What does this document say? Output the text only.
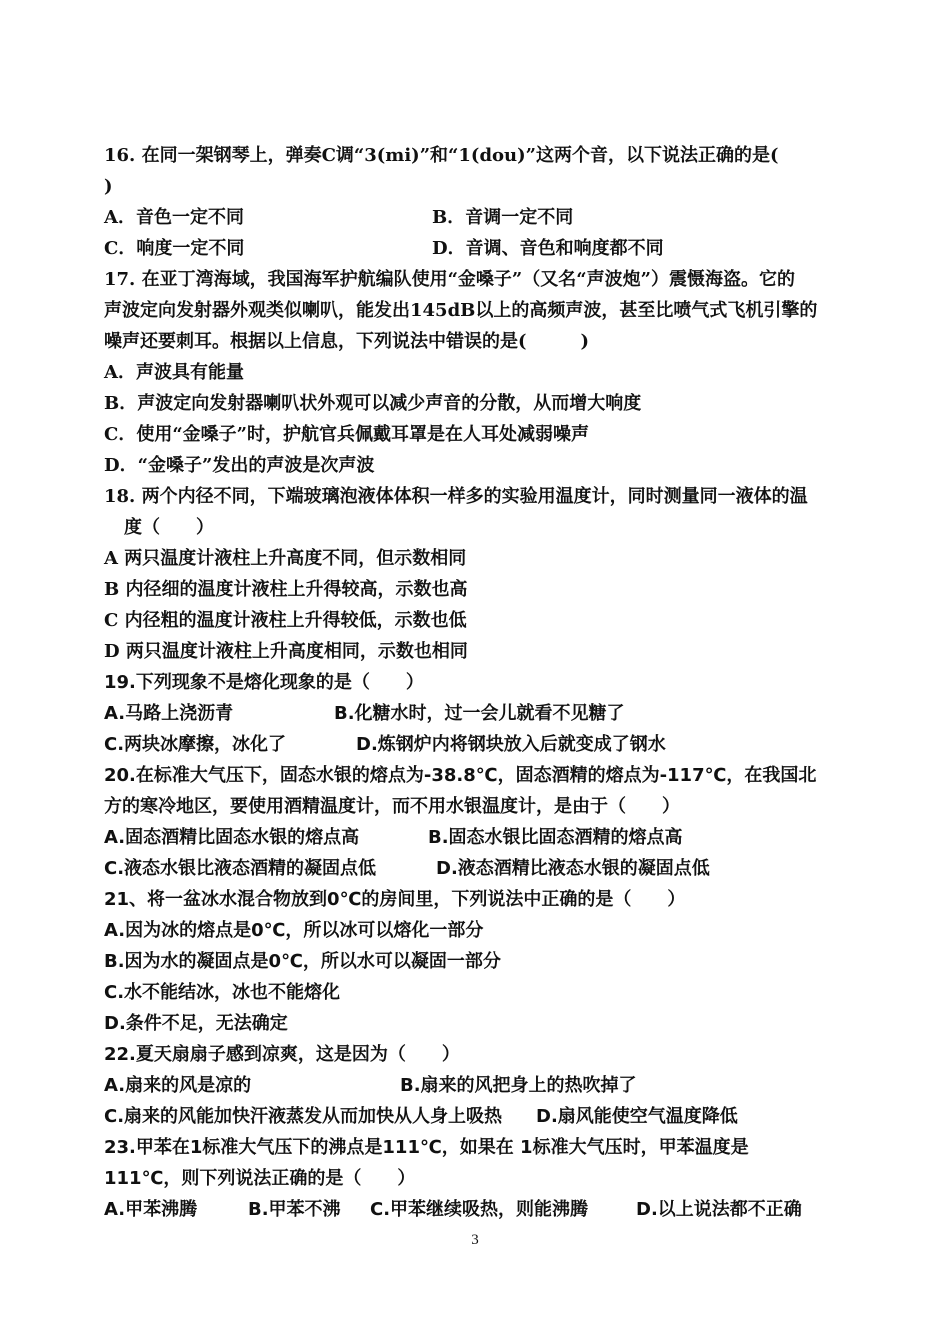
16. 在同一架钢琴上，弹奏C调“3(mi)”和“1(dou)”这两个音，以下说法正确的是(
)
A．音色一定不同	B．音调一定不同
C．响度一定不同	D．音调、音色和响度都不同
17. 在亚丁湾海域，我国海军护航编队使用“金嗓子”（又名“声波炮”）震慑海盗。它的
声波定向发射器外观类似喇叭，能发出145dB以上的高频声波，甚至比喷气式飞机引擎的
噪声还要刺耳。根据以上信息，下列说法中错误的是(　　　)
A．声波具有能量
B．声波定向发射器喇叭状外观可以减少声音的分散，从而增大响度
C．使用“金嗓子”时，护航官兵佩戴耳罩是在人耳处减弱噪声
D．“金嗓子”发出的声波是次声波
18. 两个内径不同，下端玻璃泡液体体积一样多的实验用温度计，同时测量同一液体的温
度（　　）
A 两只温度计液柱上升高度不同，但示数相同
B 内径细的温度计液柱上升得较高，示数也高
C 内径粗的温度计液柱上升得较低，示数也低
D 两只温度计液柱上升高度相同，示数也相同
19.下列现象不是熔化现象的是（　　）
A.马路上浇沥青	B.化糖水时，过一会儿就看不见糖了
C.两块冰摩擦，冰化了	D.炼钢炉内将钢块放入后就变成了钢水
20.在标准大气压下，固态水银的熔点为-38.8℃，固态酒精的熔点为-117℃，在我国北
方的寒冷地区，要使用酒精温度计，而不用水银温度计，是由于（　　）
A.固态酒精比固态水银的熔点高	B.固态水银比固态酒精的熔点高
C.液态水银比液态酒精的凝固点低	D.液态酒精比液态水银的凝固点低
21、将一盆冰水混合物放到0℃的房间里，下列说法中正确的是（　　）
A.因为冰的熔点是0℃，所以冰可以熔化一部分
B.因为水的凝固点是0℃，所以水可以凝固一部分
C.水不能结冰，冰也不能熔化
D.条件不足，无法确定
22.夏天扇扇子感到凉爽，这是因为（　　）
A.扇来的风是凉的	B.扇来的风把身上的热吹掉了
C.扇来的风能加快汗液蒸发从而加快从人身上吸热 D.扇风能使空气温度降低
23.甲苯在1标准大气压下的沸点是111℃，如果在 1标准大气压时，甲苯温度是
111℃，则下列说法正确的是（　　）
A.甲苯沸腾	B.甲苯不沸 C.甲苯继续吸热，则能沸腾	D.以上说法都不正确
3
